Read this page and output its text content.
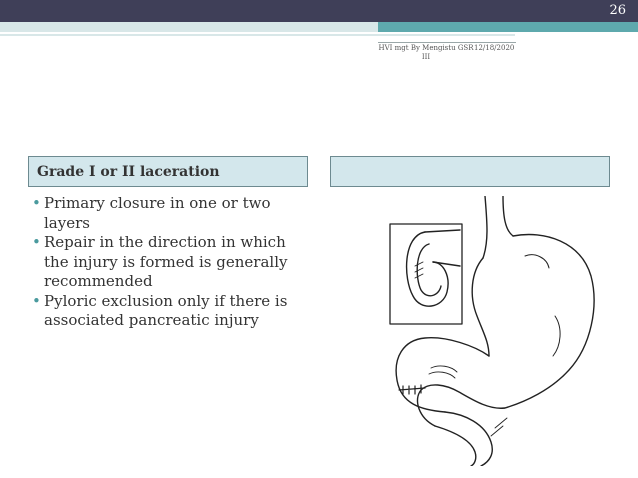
26
HVI mgt By Mengistu GSR III
12/18/2020
Grade I or II laceration
• Primary closure in one or two layers
• Repair in the direction in which the injury is formed is generally recommended
• Pyloric exclusion only if there is associated pancreatic injury
